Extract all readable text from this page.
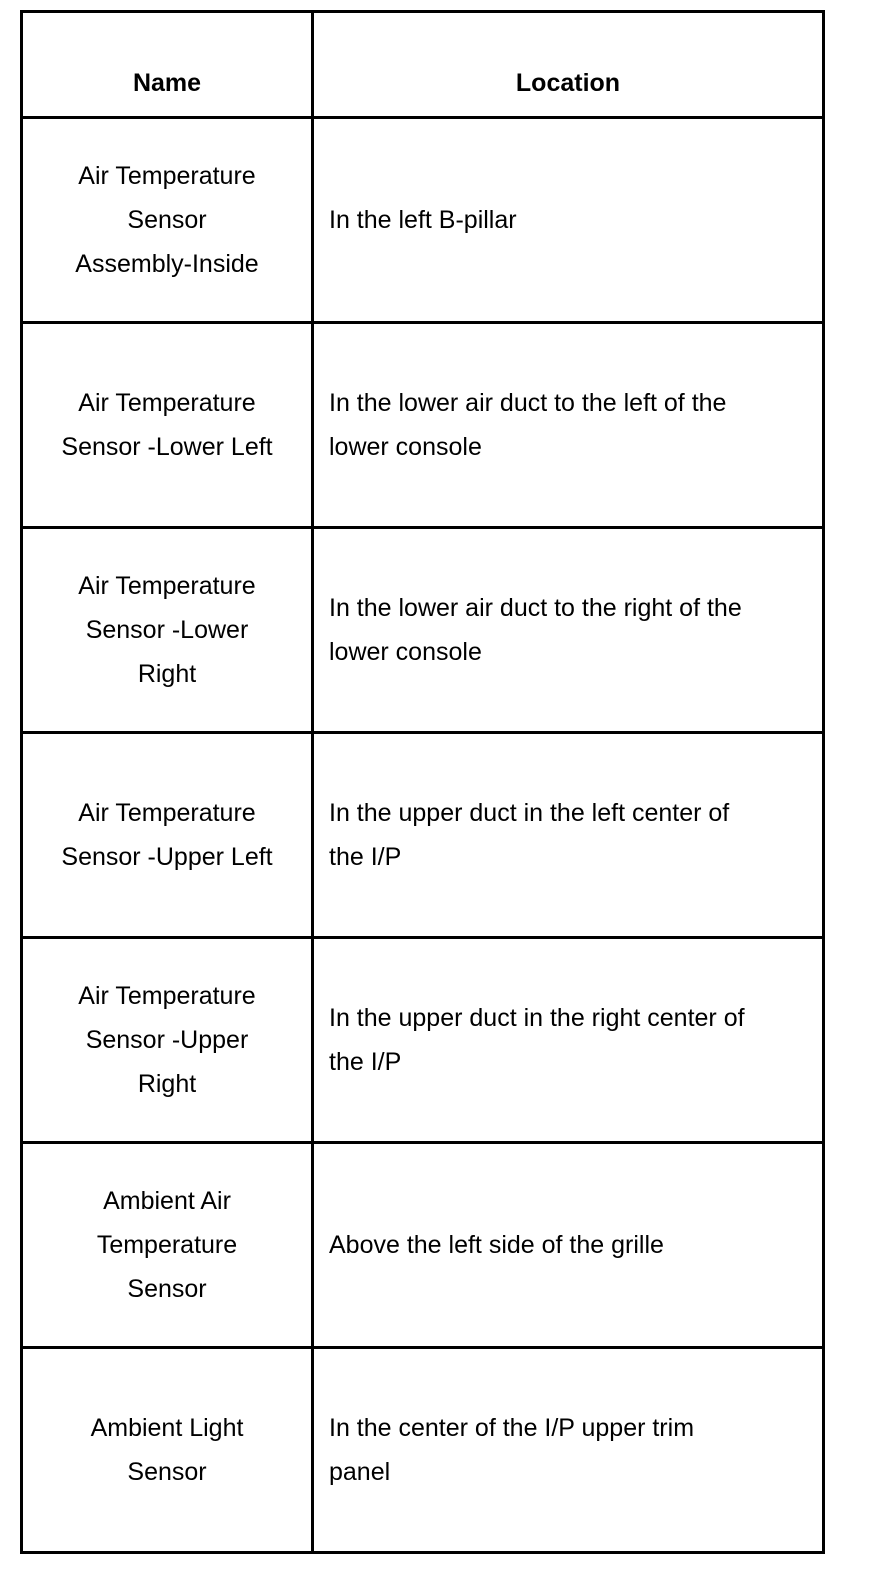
Name	Location
Air Temperature
Sensor
Assembly-Inside	In the left B-pillar
Air Temperature
Sensor -Lower Left	In the lower air duct to the left of the lower console
Air Temperature
Sensor -Lower
Right	In the lower air duct to the right of the lower console
Air Temperature
Sensor -Upper Left	In the upper duct in the left center of the I/P
Air Temperature
Sensor -Upper
Right	In the upper duct in the right center of the I/P
Ambient Air
Temperature
Sensor	Above the left side of the grille
Ambient Light
Sensor	In the center of the I/P upper trim panel
